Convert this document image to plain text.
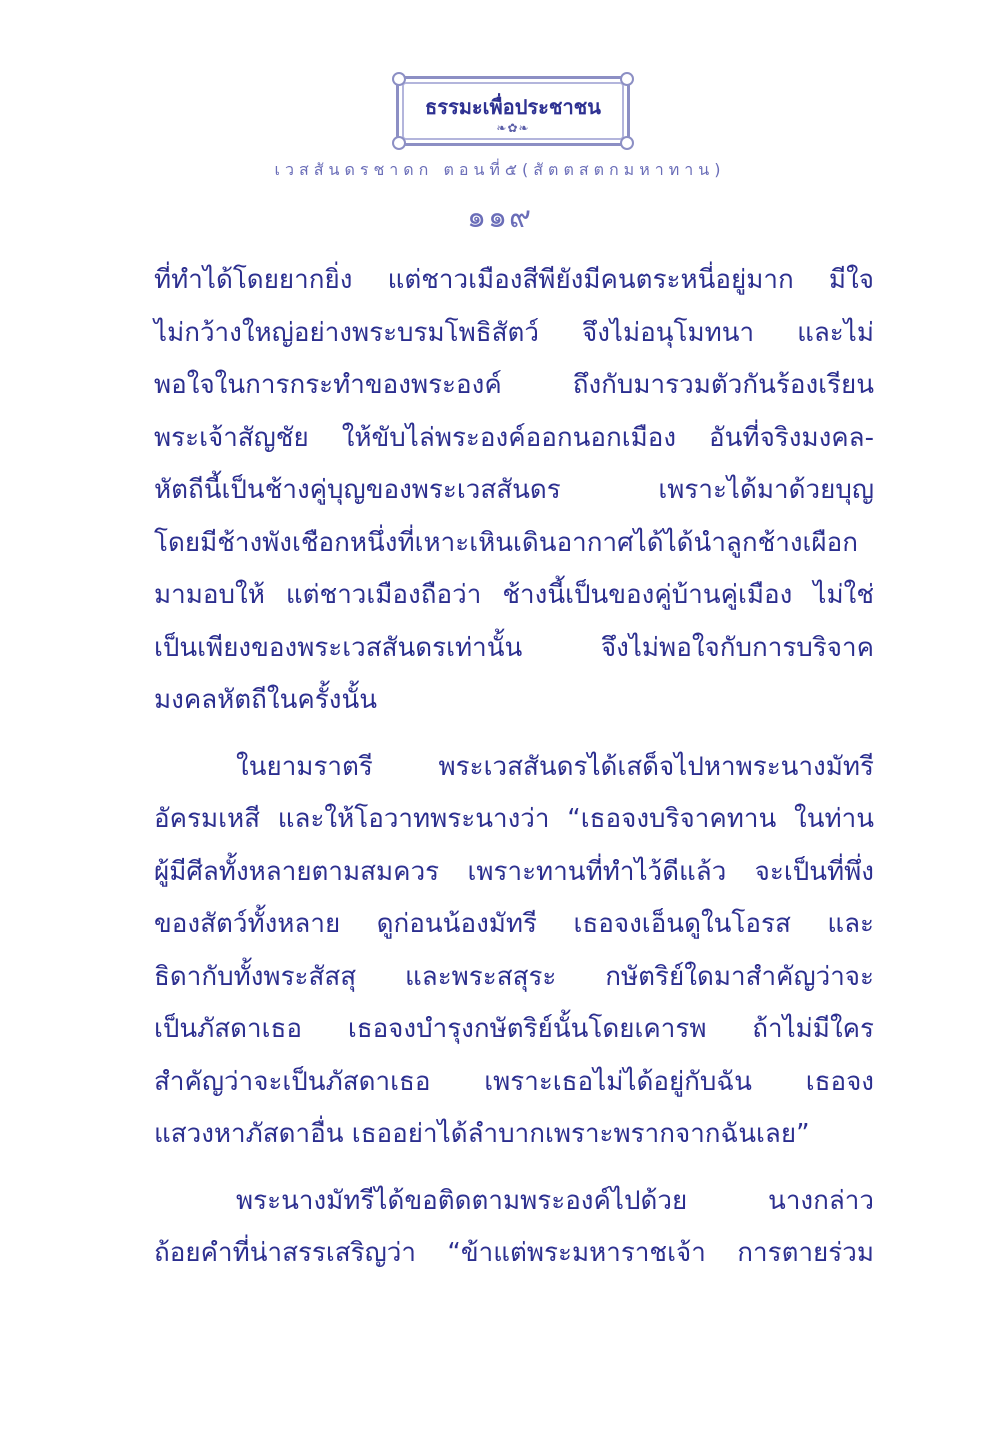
ธรรมะเพื่อประชาชน
❧✿❧
เวสสันดรชาดก ตอนที่๕(สัตตสตกมหาทาน)
๑๑๙
ที่ทำได้โดยยากยิ่ง แต่ชาวเมืองสีพียังมีคนตระหนี่อยู่มาก มีใจ
ไม่กว้างใหญ่อย่างพระบรมโพธิสัตว์ จึงไม่อนุโมทนา และไม่
พอใจในการกระทำของพระองค์ ถึงกับมารวมตัวกันร้องเรียน
พระเจ้าสัญชัย ให้ขับไล่พระองค์ออกนอกเมือง อันที่จริงมงคล-
หัตถีนี้เป็นช้างคู่บุญของพระเวสสันดร เพราะได้มาด้วยบุญ
โดยมีช้างพังเชือกหนึ่งที่เหาะเหินเดินอากาศได้ได้นำลูกช้างเผือก
มามอบให้ แต่ชาวเมืองถือว่า ช้างนี้เป็นของคู่บ้านคู่เมือง ไม่ใช่
เป็นเพียงของพระเวสสันดรเท่านั้น จึงไม่พอใจกับการบริจาค
มงคลหัตถีในครั้งนั้น
ในยามราตรี พระเวสสันดรได้เสด็จไปหาพระนางมัทรี
อัครมเหสี และให้โอวาทพระนางว่า “เธอจงบริจาคทาน ในท่าน
ผู้มีศีลทั้งหลายตามสมควร เพราะทานที่ทำไว้ดีแล้ว จะเป็นที่พึ่ง
ของสัตว์ทั้งหลาย ดูก่อนน้องมัทรี เธอจงเอ็นดูในโอรส และ
ธิดากับทั้งพระสัสสุ และพระสสุระ กษัตริย์ใดมาสำคัญว่าจะ
เป็นภัสดาเธอ เธอจงบำรุงกษัตริย์นั้นโดยเคารพ ถ้าไม่มีใคร
สำคัญว่าจะเป็นภัสดาเธอ เพราะเธอไม่ได้อยู่กับฉัน เธอจง
แสวงหาภัสดาอื่น เธออย่าได้ลำบากเพราะพรากจากฉันเลย”
พระนางมัทรีได้ขอติดตามพระองค์ไปด้วย นางกล่าว
ถ้อยคำที่น่าสรรเสริญว่า “ข้าแต่พระมหาราชเจ้า การตายร่วม
